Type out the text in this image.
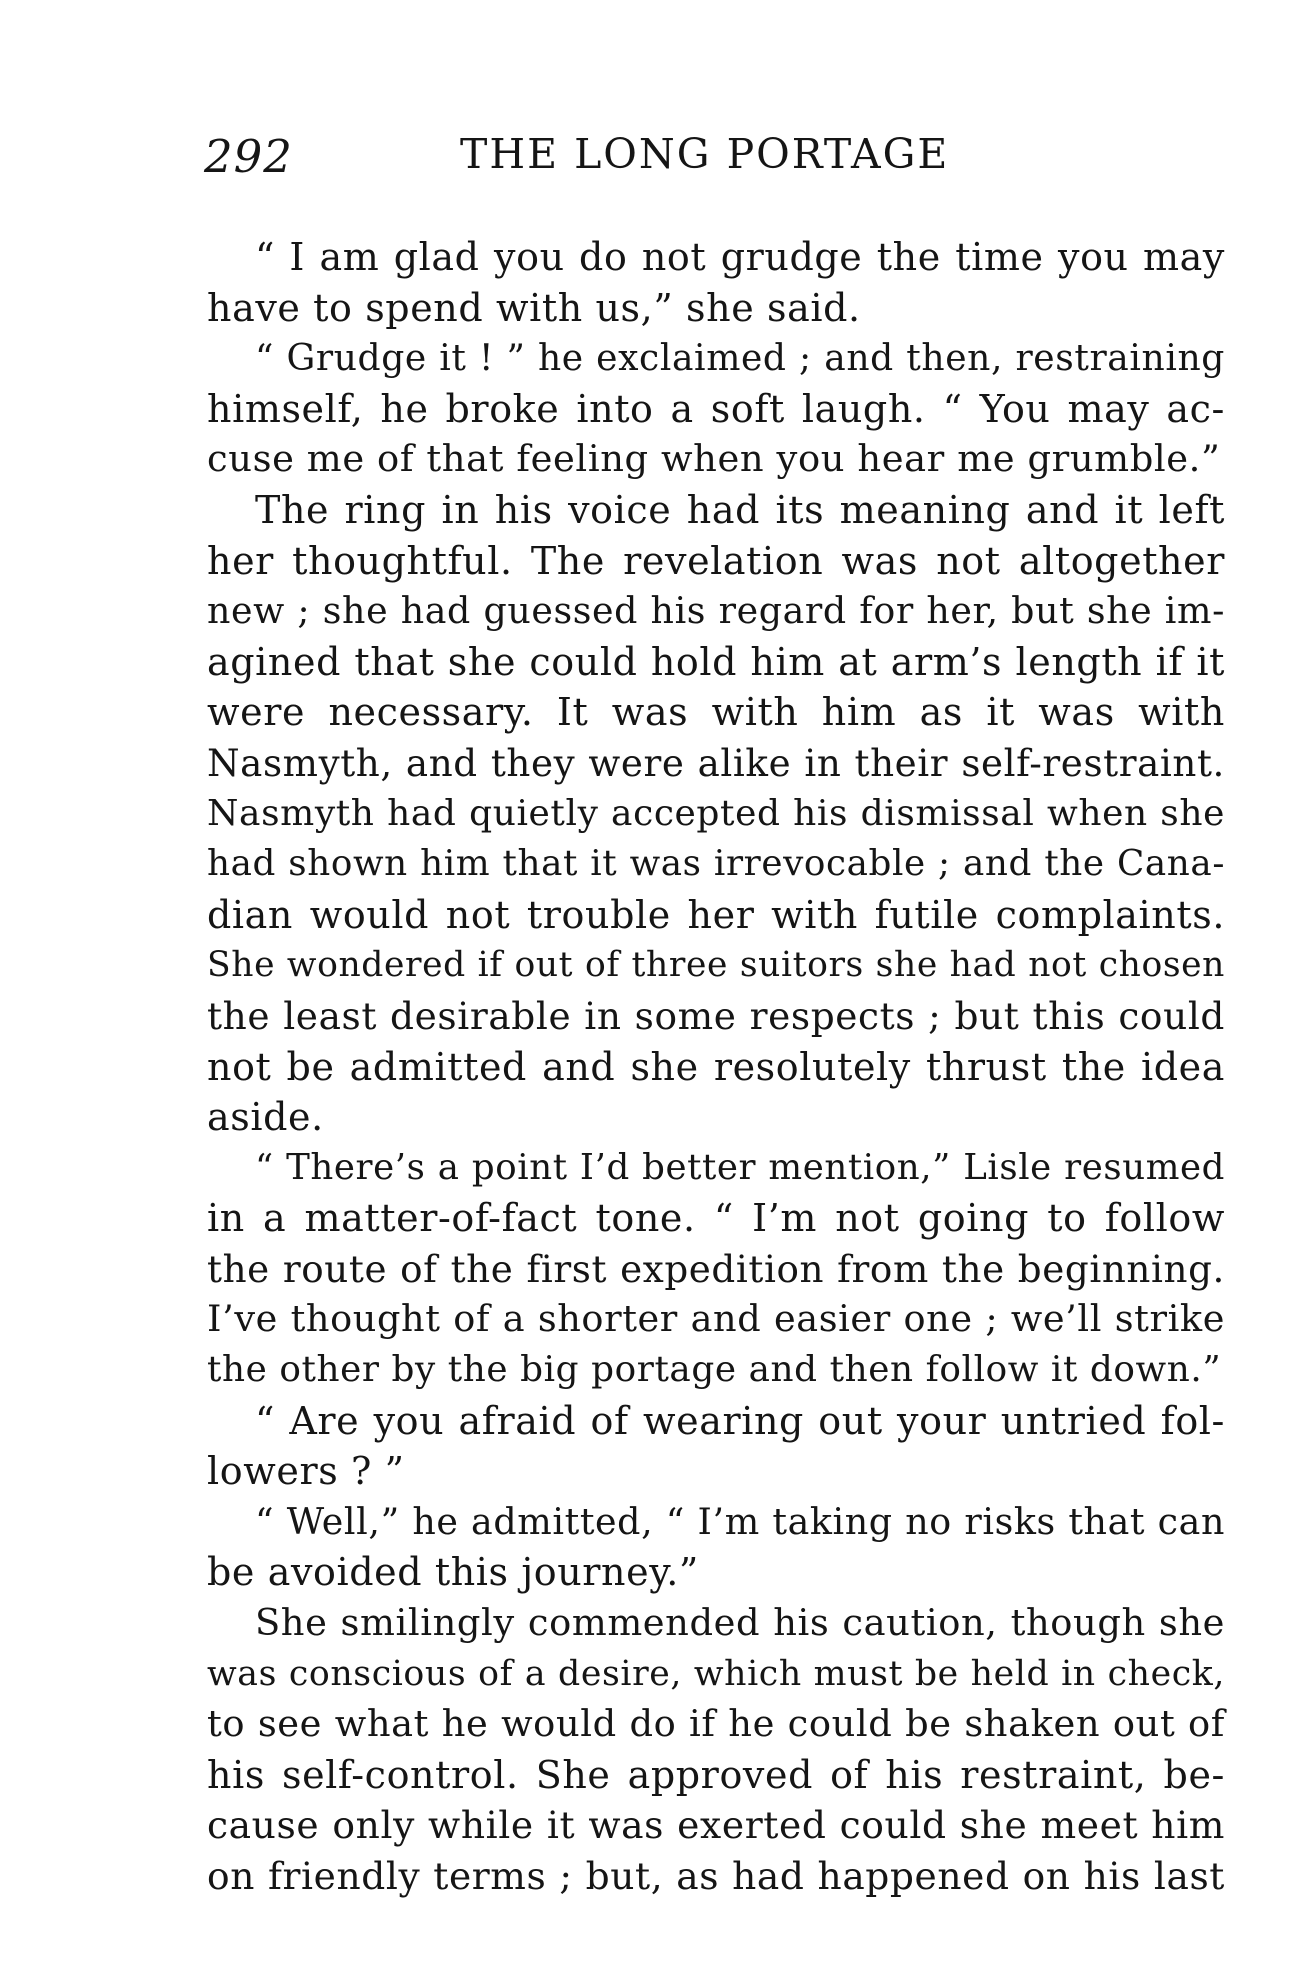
292	THE LONG PORTAGE
“ I am glad you do not grudge the time you may
have to spend with us,” she said.
“ Grudge it ! ” he exclaimed ; and then, restraining
himself, he broke into a soft laugh. “ You may ac-
cuse me of that feeling when you hear me grumble.”
The ring in his voice had its meaning and it left
her thoughtful. The revelation was not altogether
new ; she had guessed his regard for her, but she im-
agined that she could hold him at arm’s length if it
were necessary. It was with him as it was with
Nasmyth, and they were alike in their self-restraint.
Nasmyth had quietly accepted his dismissal when she
had shown him that it was irrevocable ; and the Cana-
dian would not trouble her with futile complaints.
She wondered if out of three suitors she had not chosen
the least desirable in some respects ; but this could
not be admitted and she resolutely thrust the idea
aside.
“ There’s a point I’d better mention,” Lisle resumed
in a matter-of-fact tone. “ I’m not going to follow
the route of the first expedition from the beginning.
I’ve thought of a shorter and easier one ; we’ll strike
the other by the big portage and then follow it down.”
“ Are you afraid of wearing out your untried fol-
lowers ? ”
“ Well,” he admitted, “ I’m taking no risks that can
be avoided this journey.”
She smilingly commended his caution, though she
was conscious of a desire, which must be held in check,
to see what he would do if he could be shaken out of
his self-control. She approved of his restraint, be-
cause only while it was exerted could she meet him
on friendly terms ; but, as had happened on his last
